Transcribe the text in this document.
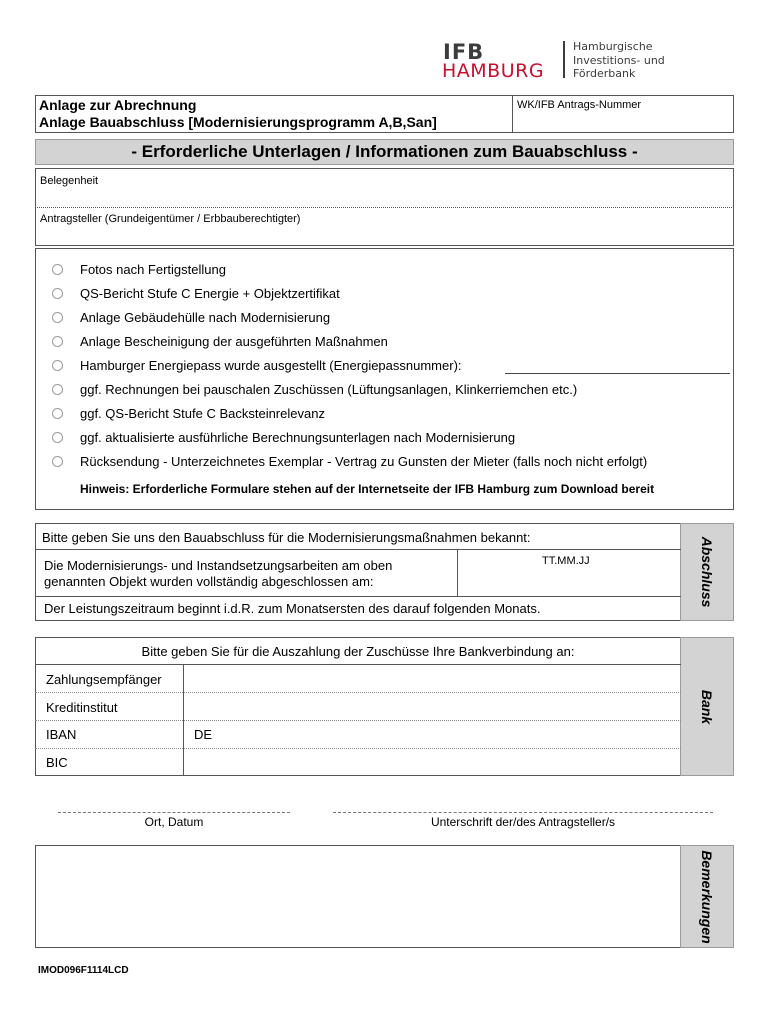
IFB
HAMBURG
Hamburgische
Investitions- und
Förderbank
Anlage zur Abrechnung
Anlage Bauabschluss [Modernisierungsprogramm A,B,San]
WK/IFB Antrags-Nummer
- Erforderliche Unterlagen / Informationen zum Bauabschluss -
Belegenheit
Antragsteller (Grundeigentümer / Erbbauberechtigter)
Fotos nach Fertigstellung
QS-Bericht Stufe C Energie + Objektzertifikat
Anlage Gebäudehülle nach Modernisierung
Anlage Bescheinigung der ausgeführten Maßnahmen
Hamburger Energiepass wurde ausgestellt (Energiepassnummer):
ggf. Rechnungen bei pauschalen Zuschüssen (Lüftungsanlagen, Klinkerriemchen etc.)
ggf. QS-Bericht Stufe C Backsteinrelevanz
ggf. aktualisierte ausführliche Berechnungsunterlagen nach Modernisierung
Rücksendung - Unterzeichnetes Exemplar - Vertrag zu Gunsten der Mieter (falls noch nicht erfolgt)
Hinweis: Erforderliche Formulare stehen auf der Internetseite der IFB Hamburg zum Download bereit
Abschluss
Bitte geben Sie uns den Bauabschluss für die Modernisierungsmaßnahmen bekannt:
Die Modernisierungs- und Instandsetzungsarbeiten am oben
genannten Objekt wurden vollständig abgeschlossen am:
TT.MM.JJ
Der Leistungszeitraum beginnt i.d.R. zum Monatsersten des darauf folgenden Monats.
Bank
Bitte geben Sie für die Auszahlung der Zuschüsse Ihre Bankverbindung an:
Zahlungsempfänger
Kreditinstitut
IBAN	DE
BIC
Ort, Datum	Unterschrift der/des Antragsteller/s
Bemerkungen
IMOD096F1114LCD
